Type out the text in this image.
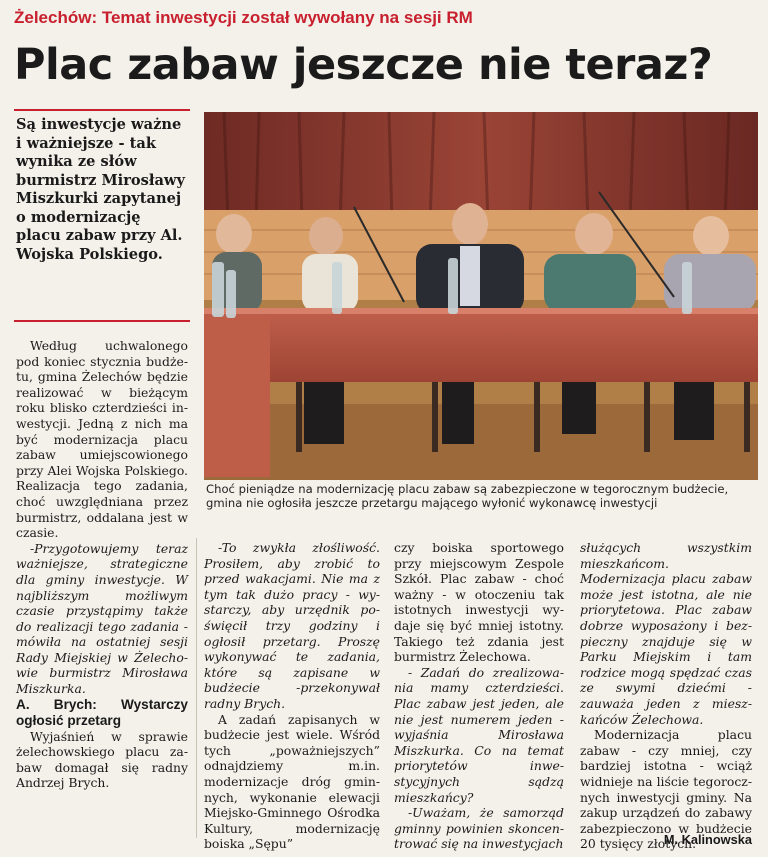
Żelechów: Temat inwestycji został wywołany na sesji RM
Plac zabaw jeszcze nie teraz?
Są inwestycje ważne i ważniejsze - tak wynika ze słów burmistrz Mirosławy Miszkurki zapytanej o modernizację placu zabaw przy Al. Wojska Polskiego.
Choć pieniądze na modernizację placu zabaw są zabezpieczone w tegorocznym budżecie, gmina nie ogłosiła jeszcze przetargu mającego wyłonić wykonawcę inwestycji

Według uchwalonego pod koniec stycznia budżetu, gmina Żelechów będzie realizować w bieżącym roku blisko czterdzieści inwestycji. Jedną z nich ma być modernizacja placu zabaw umiejscowionego przy Alei Wojska Polskiego. Realizacja tego zadania, choć uwzględniana przez burmistrz, oddalana jest w czasie.

-Przygotowujemy teraz ważniejsze, strategiczne dla gminy inwestycje. W najbliższym możliwym czasie przystąpimy także do realizacji tego zadania -mówiła na ostatniej sesji Rady Miejskiej w Żelechowie burmistrz Mirosława Miszkurka.

A. Brych: Wystarczy ogłosić przetarg

Wyjaśnień w sprawie żelechowskiego placu zabaw domagał się radny Andrzej Brych.

-To zwykła złośliwość. Prosiłem, aby zrobić to przed wakacjami. Nie ma z tym tak dużo pracy - wystarczy, aby urzędnik poświęcił trzy godziny i ogłosił przetarg. Proszę wykonywać te zadania, które są zapisane w budżecie -przekonywał radny Brych.

A zadań zapisanych w budżecie jest wiele. Wśród tych „poważniejszych” odnajdziemy m.in. modernizacje dróg gminnych, wykonanie elewacji Miejsko-Gminnego Ośrodka Kultury, modernizację boiska „Sępu”

czy boiska sportowego przy miejscowym Zespole Szkół. Plac zabaw - choć ważny - w otoczeniu tak istotnych inwestycji wydaje się być mniej istotny. Takiego też zdania jest burmistrz Żelechowa.

- Zadań do zrealizowania mamy czterdzieści. Plac zabaw jest jeden, ale nie jest numerem jeden -wyjaśnia Mirosława Miszkurka. Co na temat priorytetów inwestycyjnych sądzą mieszkańcy?

-Uważam, że samorząd gminny powinien skoncentrować się na inwestycjach

służących wszystkim mieszkańcom. Modernizacja placu zabaw może jest istotna, ale nie priorytetowa. Plac zabaw dobrze wyposażony i bezpieczny znajduje się w Parku Miejskim i tam rodzice mogą spędzać czas ze swymi dziećmi - zauważa jeden z mieszkańców Żelechowa.

Modernizacja placu zabaw - czy mniej, czy bardziej istotna - wciąż widnieje na liście tegorocznych inwestycji gminy. Na zakup urządzeń do zabawy zabezpieczono w budżecie 20 tysięcy złotych.

M. Kalinowska
